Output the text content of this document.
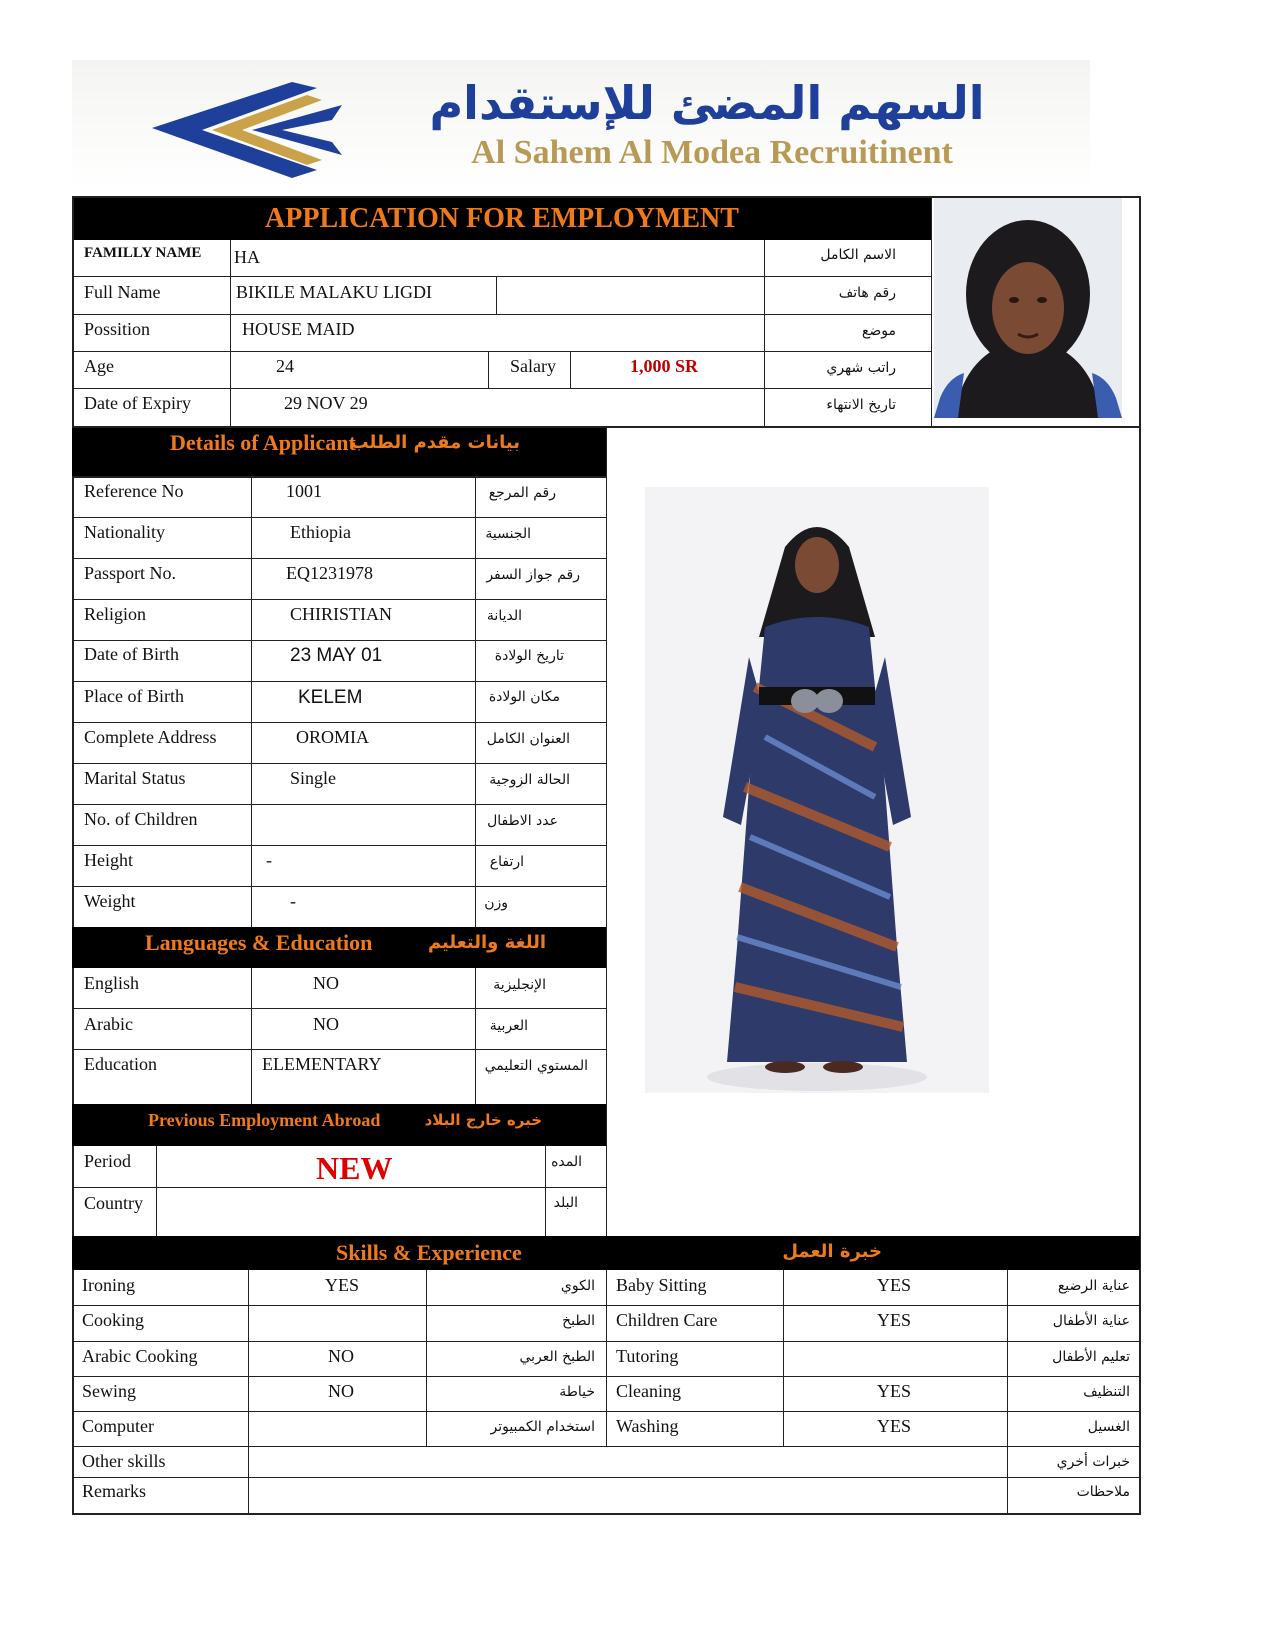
السهم المضئ للإستقدام
Al Sahem Al Modea Recruitinent
APPLICATION FOR EMPLOYMENT
FAMILLY NAME HA	الاسم الكامل
Full Name	BIKILE MALAKU LIGDI	رقم هاتف
Possition	HOUSE MAID	موضع
Age	24	Salary	1,000 SR	راتب شهري
Date of Expiry	29 NOV 29	تاريخ الانتهاء
Details of Applicant
بيانات مقدم الطلب
Reference No	1001	رقم المرجع
Nationality	Ethiopia	الجنسية
Passport No.	EQ1231978	رقم جواز السفر
Religion	CHIRISTIAN	الديانة
Date of Birth	23 MAY 01	تاريخ الولادة
Place of Birth	KELEM	مكان الولادة
Complete Address	OROMIA	العنوان الكامل
Marital Status	Single	الحالة الزوجية
No. of Children	عدد الاطفال
Height	-	ارتفاع
Weight	-	وزن
Languages & Education	اللغة والتعليم
English	NO	الإنجليزية
Arabic	NO	العربية
Education	ELEMENTARY	المستوي التعليمي
Previous Employment Abroad	خبره خارج البلاد
Period	NEW	المده
Country	البلد
Skills & Experience	خبرة العمل
Ironing	YES	الكوي Baby Sitting	YES	عناية الرضيع
Cooking	الطبخ Children Care	YES	عناية الأطفال
Arabic Cooking	NO	الطبخ العربي Tutoring	تعليم الأطفال
Sewing	NO	خياطة Cleaning	YES	التنظيف
Computer	استخدام الكمبيوتر Washing	YES	الغسيل
Other skills	خبرات أخري
Remarks	ملاحظات
